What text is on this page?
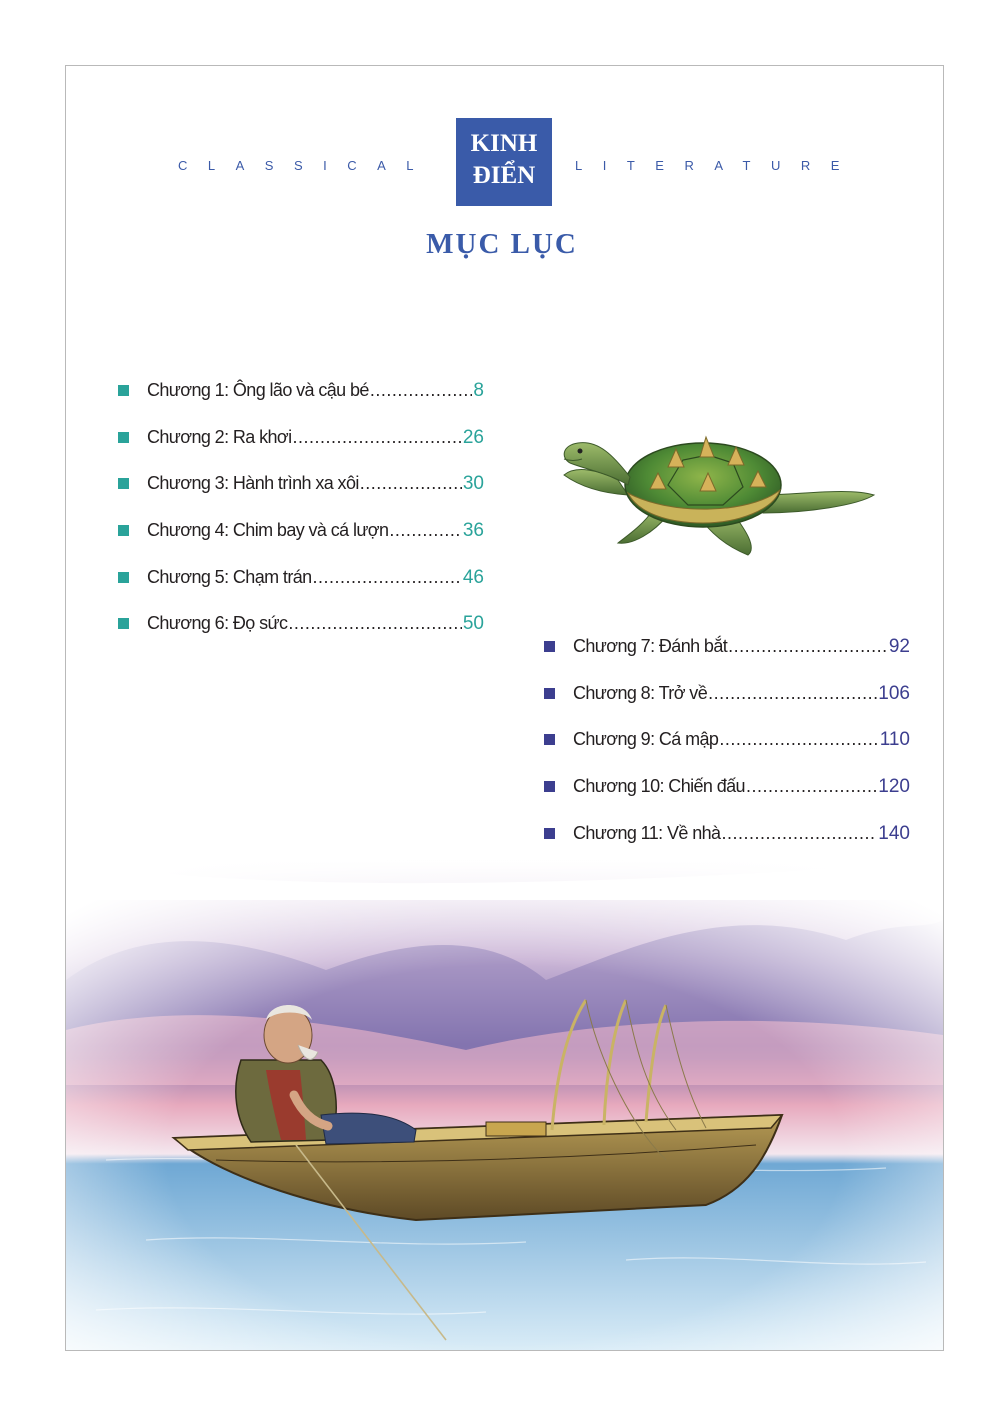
CLASSICAL
KINH
ĐIỂN	LITERATURE
MỤC LỤC
Chương 1: Ông lão và cậu bé .....	8
Chương 2: Ra khơi .....	26
Chương 3: Hành trình xa xôi .....	30
Chương 4: Chim bay và cá lượn .....	36
Chương 5: Chạm trán .....	46
Chương 6: Đọ sức .....	50
Chương 7: Đánh bắt .....	92
Chương 8: Trở về .....	106
Chương 9: Cá mập .....	110
Chương 10: Chiến đấu .....	120
Chương 11: Về nhà .....	140
